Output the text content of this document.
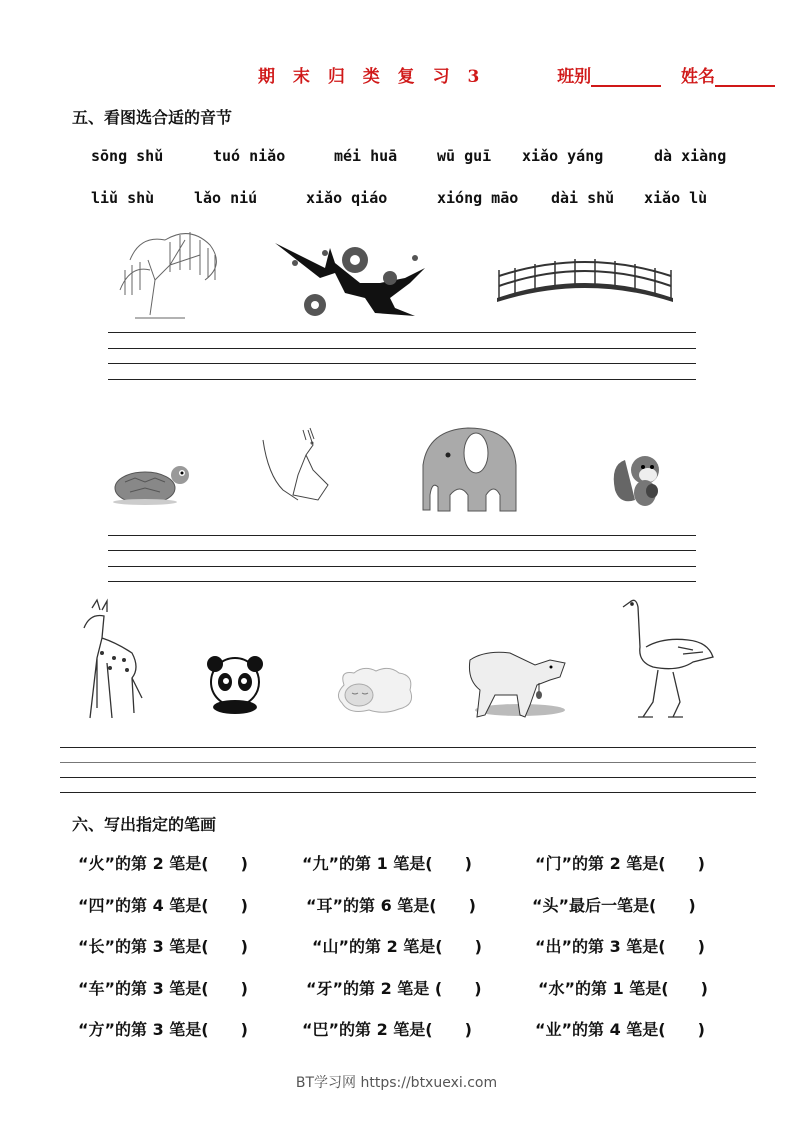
期 末 归 类 复 习 3	班别	姓名
五、看图选合适的音节
sōng shǔ	tuó niǎo	méi huā	wū guī xiǎo yáng	dà xiàng
liǔ shù	lǎo niú	xiǎo qiáo	xióng māo dài shǔ xiǎo lù
六、写出指定的笔画
“火”的第 2 笔是(　　)	“九”的第 1 笔是(　　)	“门”的第 2 笔是(　　)
“四”的第 4 笔是(　　)	“耳”的第 6 笔是(　　)	“头”最后一笔是(　　)
“长”的第 3 笔是(　　)	“山”的第 2 笔是(　　)	“出”的第 3 笔是(　　)
“车”的第 3 笔是(　　)	“牙”的第 2 笔是 (　　)	“水”的第 1 笔是(　　)
“方”的第 3 笔是(　　)	“巴”的第 2 笔是(　　)	“业”的第 4 笔是(　　)
BT学习网 https://btxuexi.com
